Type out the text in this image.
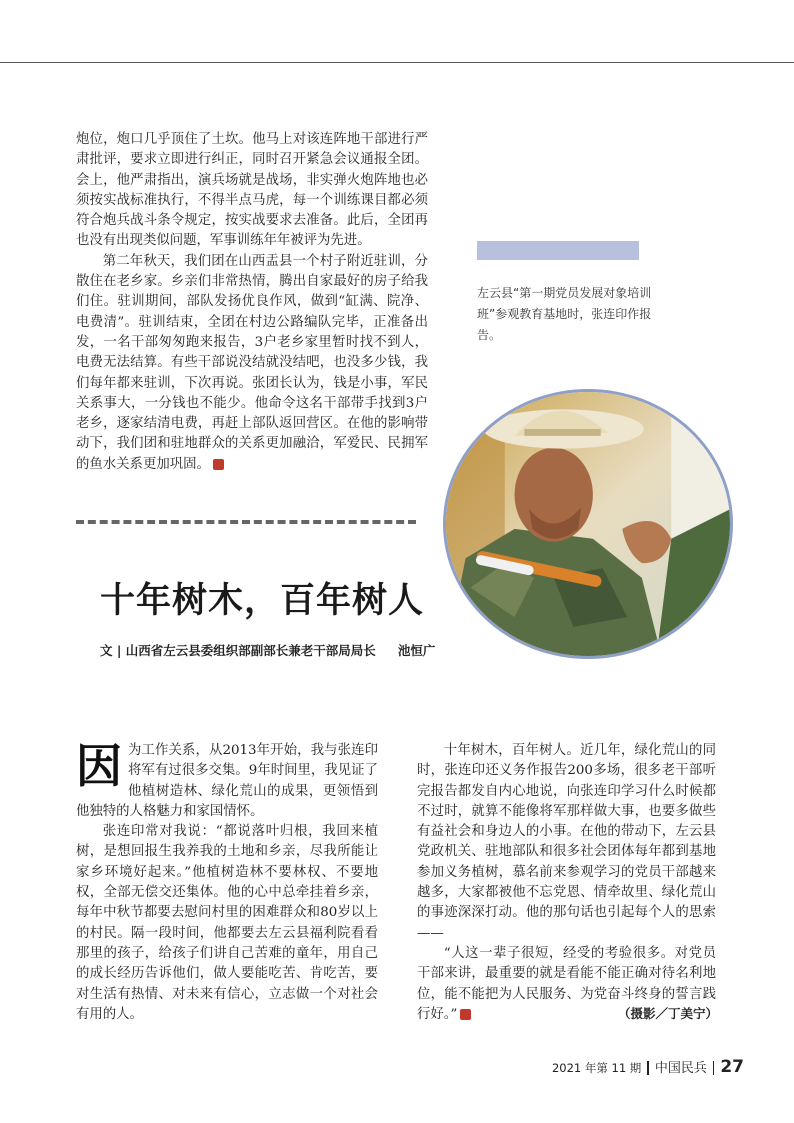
炮位，炮口几乎顶住了土坎。他马上对该连阵地干部进行严肃批评，要求立即进行纠正，同时召开紧急会议通报全团。会上，他严肃指出，演兵场就是战场，非实弹火炮阵地也必须按实战标准执行，不得半点马虎，每一个训练课目都必须符合炮兵战斗条令规定，按实战要求去准备。此后，全团再也没有出现类似问题，军事训练年年被评为先进。

第二年秋天，我们团在山西盂县一个村子附近驻训，分散住在老乡家。乡亲们非常热情，腾出自家最好的房子给我们住。驻训期间，部队发扬优良作风，做到“缸满、院净、电费清”。驻训结束，全团在村边公路编队完毕，正准备出发，一名干部匆匆跑来报告，3户老乡家里暂时找不到人，电费无法结算。有些干部说没结就没结吧，也没多少钱，我们每年都来驻训，下次再说。张团长认为，钱是小事，军民关系事大，一分钱也不能少。他命令这名干部带手找到3户老乡，逐家结清电费，再赶上部队返回营区。在他的影响带动下，我们团和驻地群众的关系更加融洽，军爱民、民拥军的鱼水关系更加巩固。	心

左云县“第一期党员发展对象培训班”参观教育基地时，张连印作报告。
十年树木，百年树人
文 | 山西省左云县委组织部副部长兼老干部局局长 池恒广

因为工作关系，从2013年开始，我与张连印将军有过很多交集。9年时间里，我见证了他植树造林、绿化荒山的成果，更领悟到他独特的人格魅力和家国情怀。

张连印常对我说：“都说落叶归根，我回来植树，是想回报生我养我的土地和乡亲，尽我所能让家乡环境好起来。”他植树造林不要林权、不要地权，全部无偿交还集体。他的心中总牵挂着乡亲，每年中秋节都要去慰问村里的困难群众和80岁以上的村民。隔一段时间，他都要去左云县福利院看看那里的孩子，给孩子们讲自己苦难的童年，用自己的成长经历告诉他们，做人要能吃苦、肯吃苦，要对生活有热情、对未来有信心，立志做一个对社会有用的人。

十年树木，百年树人。近几年，绿化荒山的同时，张连印还义务作报告200多场，很多老干部听完报告都发自内心地说，向张连印学习什么时候都不过时，就算不能像将军那样做大事，也要多做些有益社会和身边人的小事。在他的带动下，左云县党政机关、驻地部队和很多社会团体每年都到基地参加义务植树，慕名前来参观学习的党员干部越来越多，大家都被他不忘党恩、情牵故里、绿化荒山的事迹深深打动。他的那句话也引起每个人的思索——

“人这一辈子很短，经受的考验很多。对党员干部来讲，最重要的就是看能不能正确对待名利地位，能不能把为人民服务、为党奋斗终身的誓言践行好。”	心	（摄影／丁美宁）
2021 年第 11 期 中国民兵 27
